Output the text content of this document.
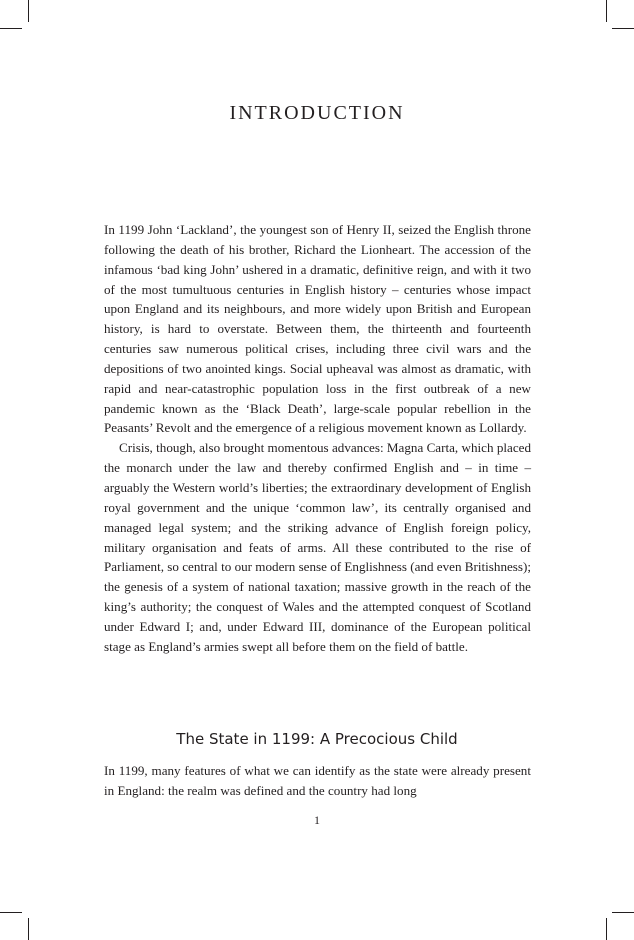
INTRODUCTION

In 1199 John ‘Lackland’, the youngest son of Henry II, seized the English throne following the death of his brother, Richard the Lionheart. The accession of the infamous ‘bad king John’ ushered in a dramatic, definitive reign, and with it two of the most tumultuous centuries in English history – centuries whose impact upon England and its neighbours, and more widely upon British and European history, is hard to overstate. Between them, the thirteenth and fourteenth centuries saw numerous political crises, including three civil wars and the depositions of two anointed kings. Social upheaval was almost as dramatic, with rapid and near-catastrophic population loss in the first outbreak of a new pandemic known as the ‘Black Death’, large-scale popular rebellion in the Peasants’ Revolt and the emergence of a religious movement known as Lollardy.

Crisis, though, also brought momentous advances: Magna Carta, which placed the monarch under the law and thereby confirmed English and – in time – arguably the Western world’s liberties; the extraordinary development of English royal government and the unique ‘common law’, its centrally organised and managed legal system; and the striking advance of English foreign policy, military organisation and feats of arms. All these contributed to the rise of Parliament, so central to our modern sense of Englishness (and even Britishness); the genesis of a system of national taxation; massive growth in the reach of the king’s authority; the conquest of Wales and the attempted conquest of Scotland under Edward I; and, under Edward III, dominance of the European political stage as England’s armies swept all before them on the field of battle.

The State in 1199: A Precocious Child

In 1199, many features of what we can identify as the state were already present in England: the realm was defined and the country had long

1
